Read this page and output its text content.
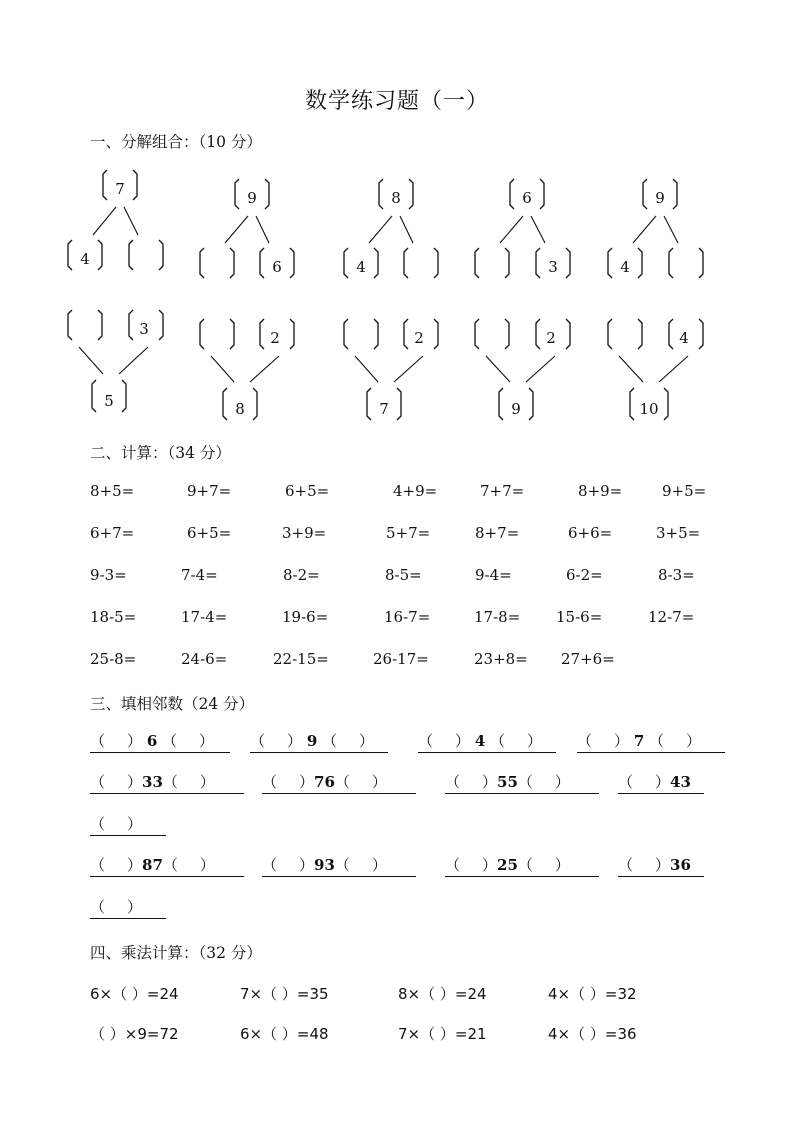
数学练习题（一）
一、分解组合：（10 分）
7
4
9
6
8
4
6
3
9
4
3
5
2
8
2
7
2
9
4
10
二、计算：（34 分）
8+5=	9+7=	6+5=	4+9=	7+7=	8+9=	9+5=
6+7=	6+5=	3+9=	5+7=	8+7=	6+6=	3+5=
9-3=	7-4=	8-2=	8-5=	9-4=	6-2=	8-3=
18-5=	17-4=	19-6=	16-7=	17-8= 15-6=	12-7=
25-8=	24-6=	22-15=	26-17=	23+8= 27+6=
三、填相邻数（24 分）
（ ） 6 （ ）	（ ） 9 （ ）	（ ） 4 （ ）	（ ） 7 （ ）
（ ）33（ ）	（ ）76（ ）	（ ）55（ ）	（ ）43
（ ）
（ ）87（ ）	（ ）93（ ）	（ ）25（ ）	（ ）36
（ ）
四、乘法计算：（32 分）
6×（ ）=24	7×（ ）=35	8×（ ）=24	4×（ ）=32
（ ）×9=72	6×（ ）=48	7×（ ）=21	4×（ ）=36
